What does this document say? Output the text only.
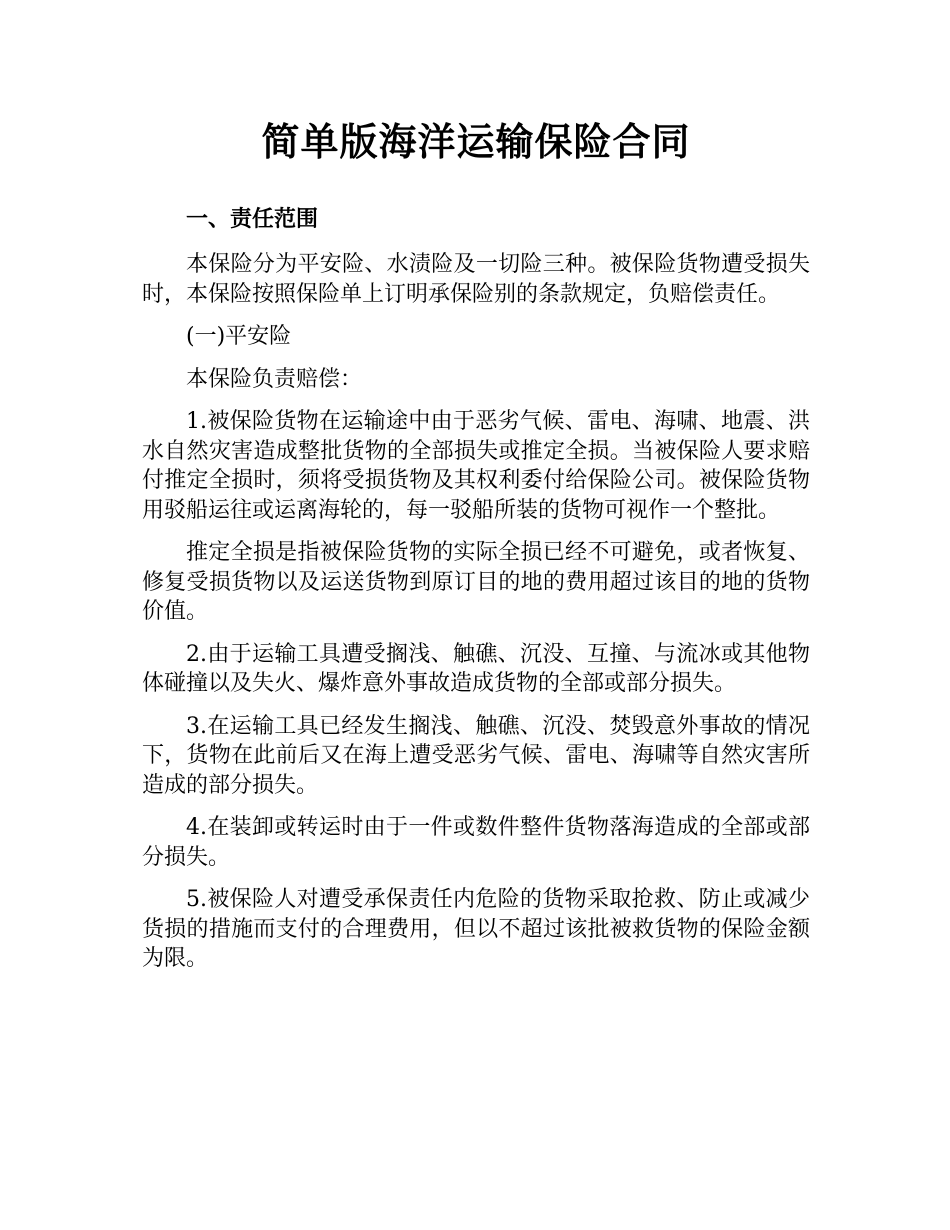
简单版海洋运输保险合同
一、责任范围

本保险分为平安险、水渍险及一切险三种。被保险货物遭受损失时，本保险按照保险单上订明承保险别的条款规定，负赔偿责任。

(一)平安险

本保险负责赔偿：

1.被保险货物在运输途中由于恶劣气候、雷电、海啸、地震、洪水自然灾害造成整批货物的全部损失或推定全损。当被保险人要求赔付推定全损时，须将受损货物及其权利委付给保险公司。被保险货物用驳船运往或运离海轮的，每一驳船所装的货物可视作一个整批。

推定全损是指被保险货物的实际全损已经不可避免，或者恢复、修复受损货物以及运送货物到原订目的地的费用超过该目的地的货物价值。

2.由于运输工具遭受搁浅、触礁、沉没、互撞、与流冰或其他物体碰撞以及失火、爆炸意外事故造成货物的全部或部分损失。

3.在运输工具已经发生搁浅、触礁、沉没、焚毁意外事故的情况下，货物在此前后又在海上遭受恶劣气候、雷电、海啸等自然灾害所造成的部分损失。

4.在装卸或转运时由于一件或数件整件货物落海造成的全部或部分损失。

5.被保险人对遭受承保责任内危险的货物采取抢救、防止或减少货损的措施而支付的合理费用，但以不超过该批被救货物的保险金额为限。
